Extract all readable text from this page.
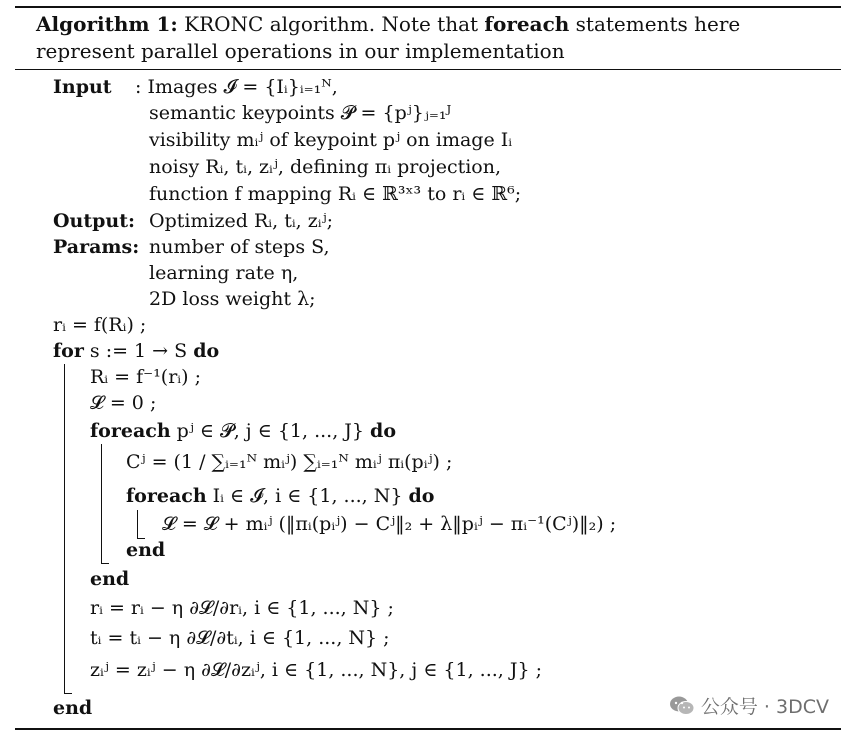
Algorithm 1: KRONC algorithm. Note that foreach statements here represent parallel operations in our implementation
Input : Images 𝓘 = {Iᵢ}ᵢ₌₁ᴺ,
semantic keypoints 𝓟 = {pʲ}ⱼ₌₁ᴶ
visibility mᵢʲ of keypoint pʲ on image Iᵢ
noisy Rᵢ, tᵢ, zᵢʲ, defining πᵢ projection,
function f mapping Rᵢ ∈ ℝ³ˣ³ to rᵢ ∈ ℝ⁶;
Output: Optimized Rᵢ, tᵢ, zᵢʲ;
Params: number of steps S,
learning rate η,
2D loss weight λ;
rᵢ = f(Rᵢ) ;
for s := 1 → S do
Rᵢ = f⁻¹(rᵢ) ;
𝓛 = 0 ;
foreach pʲ ∈ 𝓟, j ∈ {1, ..., J} do
Cʲ = (1 / ∑ᵢ₌₁ᴺ mᵢʲ) ∑ᵢ₌₁ᴺ mᵢʲ πᵢ(pᵢʲ) ;
foreach Iᵢ ∈ 𝓘, i ∈ {1, ..., N} do
𝓛 = 𝓛 + mᵢʲ (‖πᵢ(pᵢʲ) − Cʲ‖₂ + λ‖pᵢʲ − πᵢ⁻¹(Cʲ)‖₂) ;
end
end
rᵢ = rᵢ − η ∂𝓛/∂rᵢ, i ∈ {1, ..., N} ;
tᵢ = tᵢ − η ∂𝓛/∂tᵢ, i ∈ {1, ..., N} ;
zᵢʲ = zᵢʲ − η ∂𝓛/∂zᵢʲ, i ∈ {1, ..., N}, j ∈ {1, ..., J} ;
end	公众号 · 3DCV
